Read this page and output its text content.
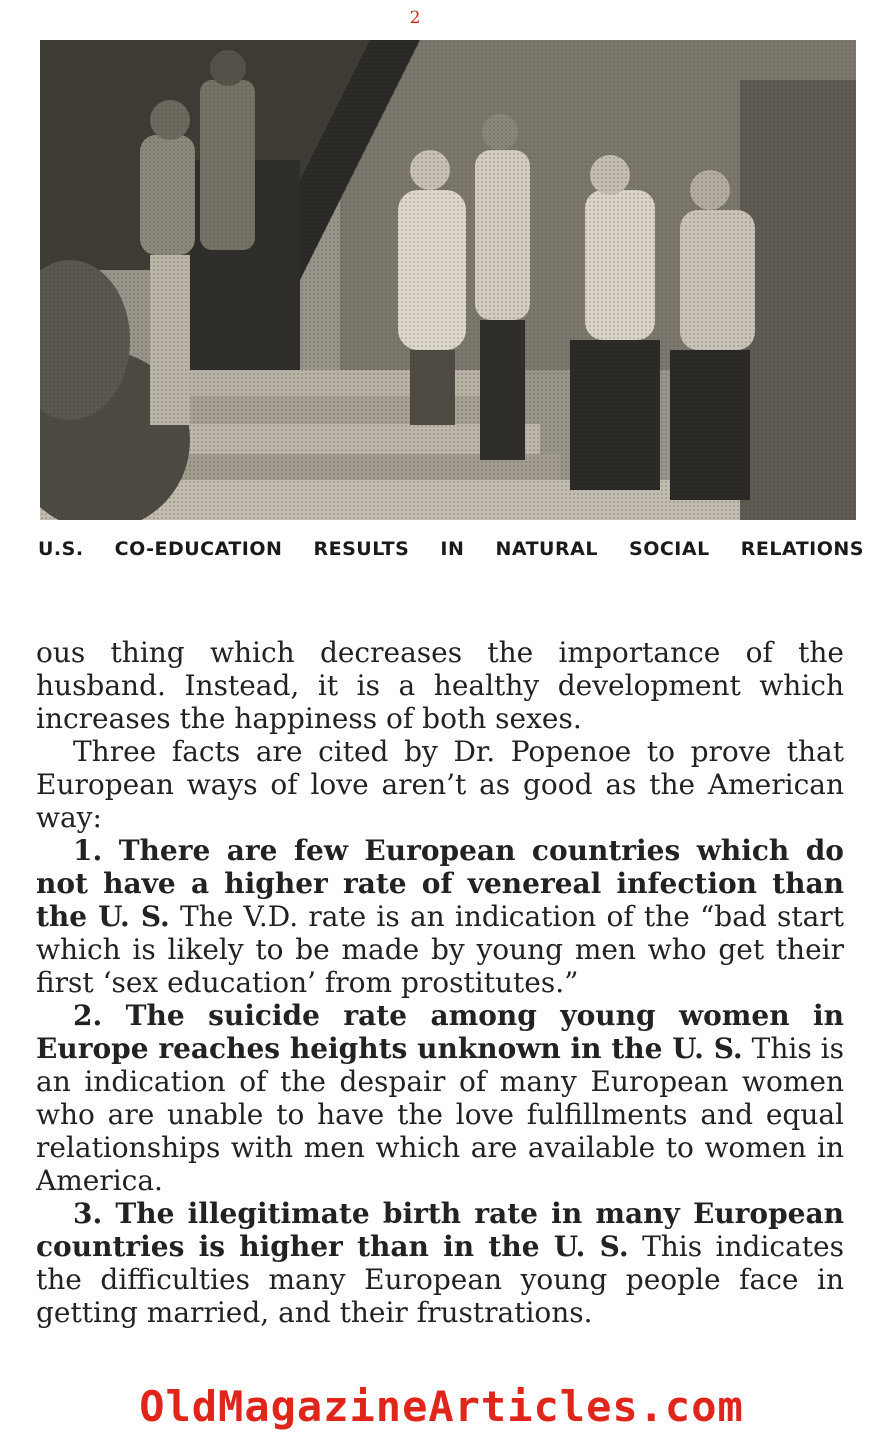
2
U.S. CO-EDUCATION RESULTS IN NATURAL SOCIAL RELATIONS

ous thing which decreases the importance of the husband. Instead, it is a healthy development which increases the happiness of both sexes.

Three facts are cited by Dr. Popenoe to prove that European ways of love aren’t as good as the American way:

1. There are few European countries which do not have a higher rate of venereal infection than the U. S. The V.D. rate is an indication of the “bad start which is likely to be made by young men who get their first ‘sex education’ from prostitutes.”

2. The suicide rate among young women in Europe reaches heights unknown in the U. S. This is an indication of the despair of many European women who are unable to have the love fulfillments and equal relationships with men which are available to women in America.

3. The illegitimate birth rate in many European countries is higher than in the U. S. This indicates the difficulties many European young people face in getting married, and their frustrations.

OldMagazineArticles.com
